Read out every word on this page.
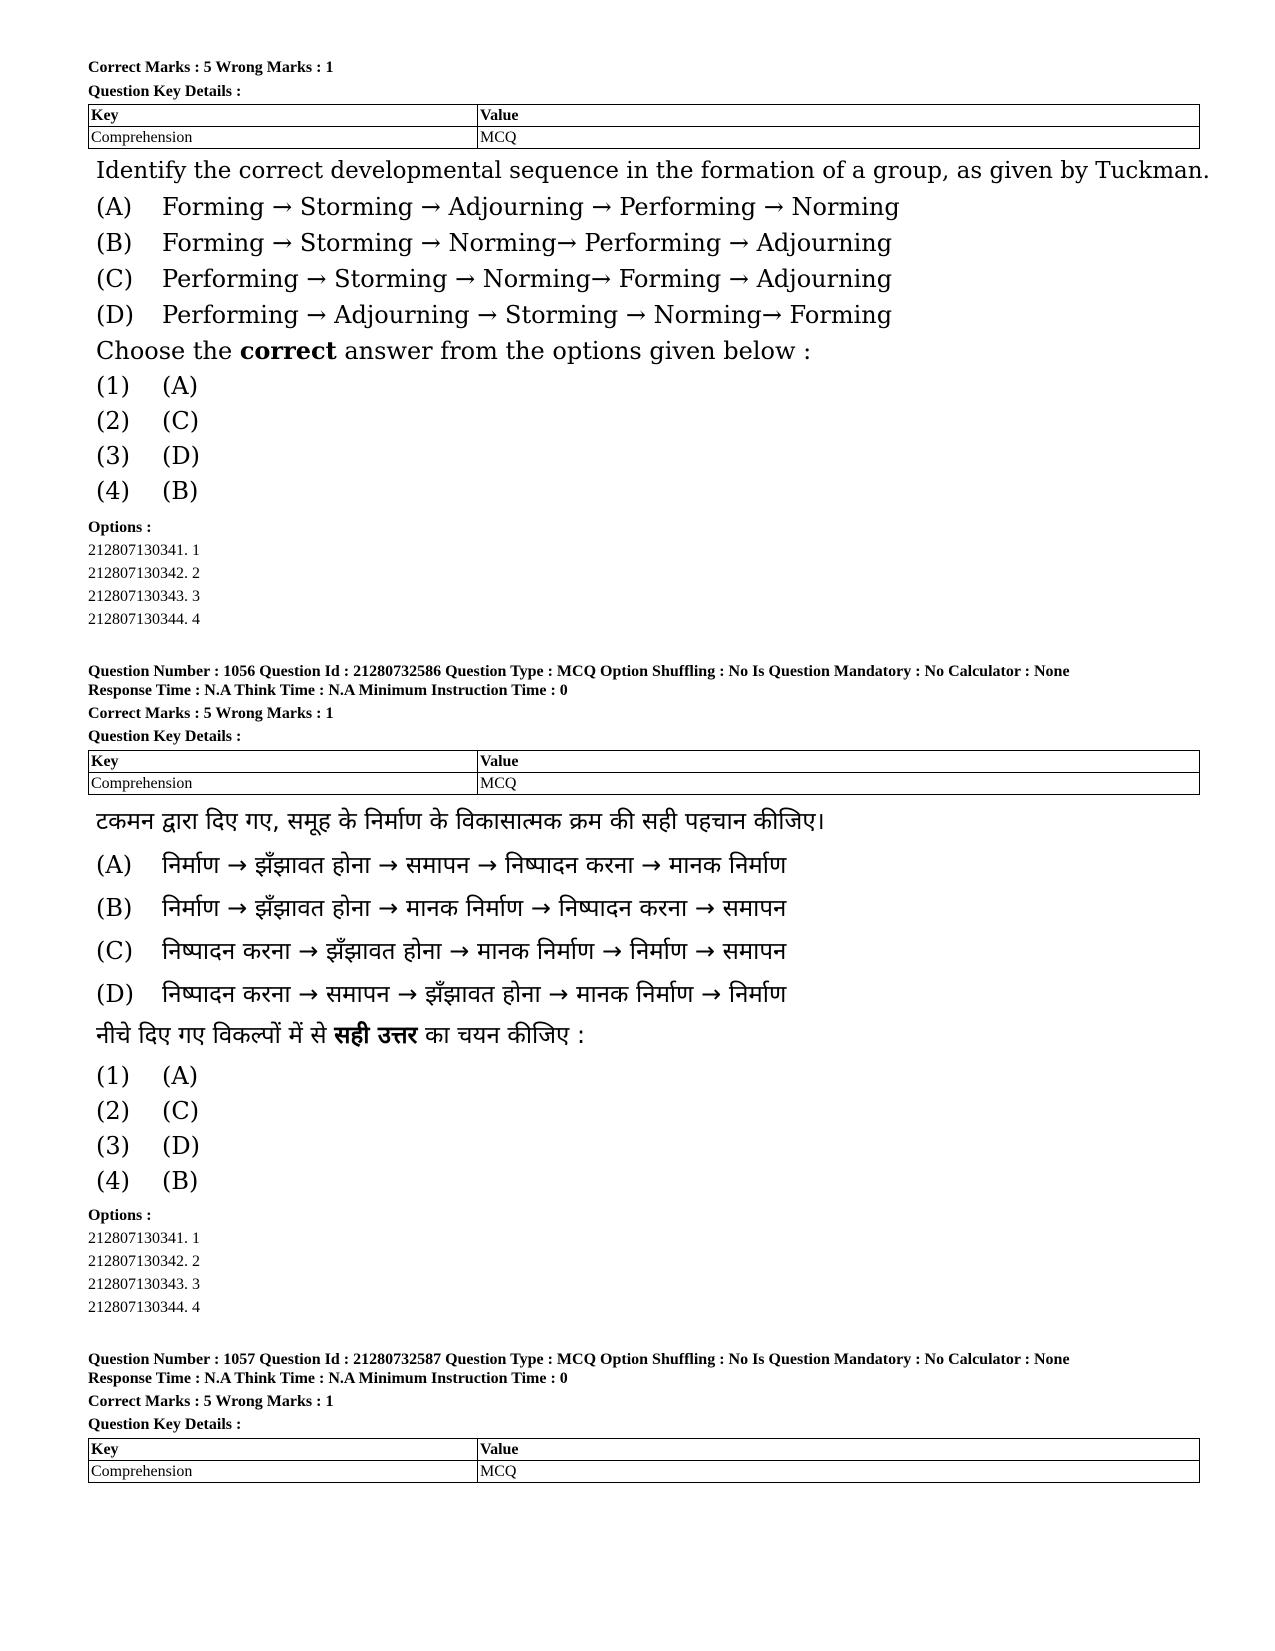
Correct Marks : 5 Wrong Marks : 1
Question Key Details :
Key	Value
Comprehension	MCQ
Identify the correct developmental sequence in the formation of a group, as given by Tuckman.
(A) Forming → Storming → Adjourning → Performing → Norming
(B) Forming → Storming → Norming→ Performing → Adjourning
(C) Performing → Storming → Norming→ Forming → Adjourning
(D) Performing → Adjourning → Storming → Norming→ Forming
Choose the correct answer from the options given below :
(1) (A)
(2) (C)
(3) (D)
(4) (B)
Options :
212807130341. 1
212807130342. 2
212807130343. 3
212807130344. 4
Question Number : 1056 Question Id : 21280732586 Question Type : MCQ Option Shuffling : No Is Question Mandatory : No Calculator : None
Response Time : N.A Think Time : N.A Minimum Instruction Time : 0
Correct Marks : 5 Wrong Marks : 1
Question Key Details :
Key	Value
Comprehension	MCQ
टकमन द्वारा दिए गए, समूह के निर्माण के विकासात्मक क्रम की सही पहचान कीजिए।
(A) निर्माण → झँझावत होना → समापन → निष्पादन करना → मानक निर्माण
(B) निर्माण → झँझावत होना → मानक निर्माण → निष्पादन करना → समापन
(C) निष्पादन करना → झँझावत होना → मानक निर्माण → निर्माण → समापन
(D) निष्पादन करना → समापन → झँझावत होना → मानक निर्माण → निर्माण
नीचे दिए गए विकल्पों में से सही उत्तर का चयन कीजिए :
(1) (A)
(2) (C)
(3) (D)
(4) (B)
Options :
212807130341. 1
212807130342. 2
212807130343. 3
212807130344. 4
Question Number : 1057 Question Id : 21280732587 Question Type : MCQ Option Shuffling : No Is Question Mandatory : No Calculator : None
Response Time : N.A Think Time : N.A Minimum Instruction Time : 0
Correct Marks : 5 Wrong Marks : 1
Question Key Details :
Key	Value
Comprehension	MCQ
